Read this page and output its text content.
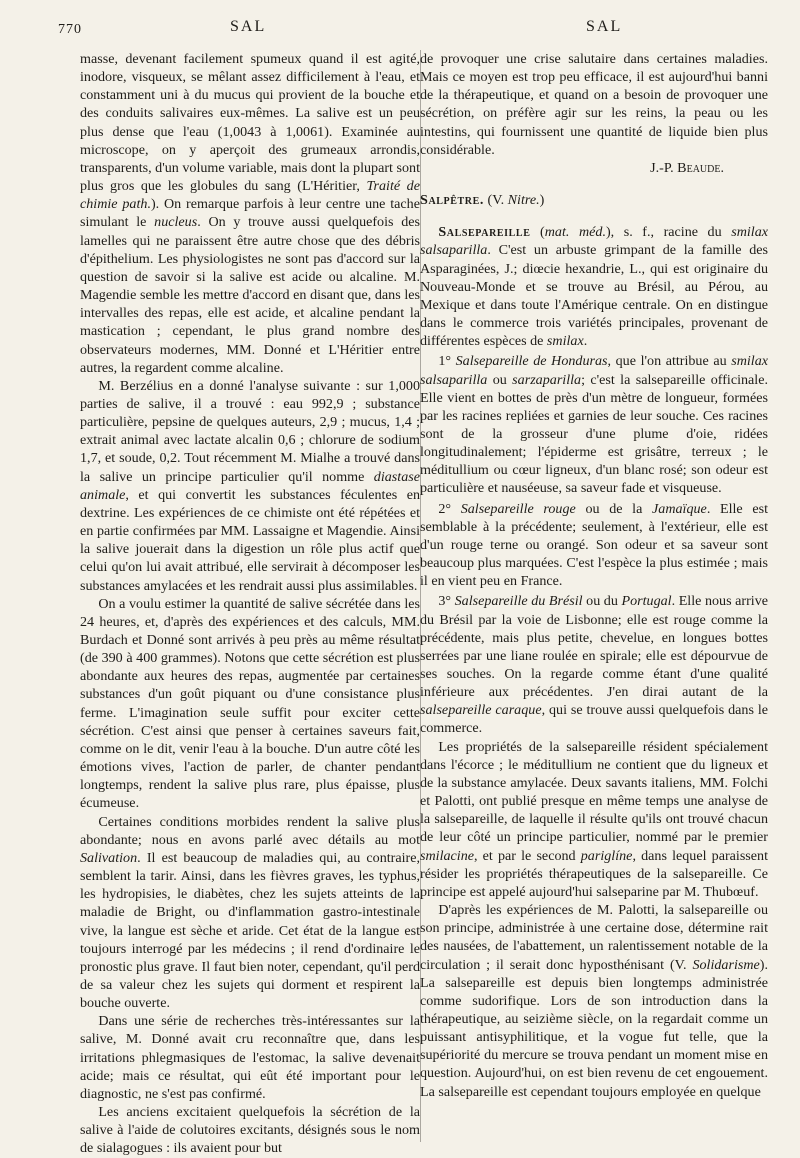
770	SAL	SAL

masse, devenant facilement spumeux quand il est agité, inodore, visqueux, se mêlant assez difficilement à l'eau, et constamment uni à du mucus qui provient de la bouche et des conduits salivaires eux-mêmes. La salive est un peu plus dense que l'eau (1,0043 à 1,0061). Examinée au microscope, on y aperçoit des grumeaux arrondis, transparents, d'un volume variable, mais dont la plupart sont plus gros que les globules du sang (L'Héritier, Traité de chimie path.). On remarque parfois à leur centre une tache simulant le nucleus. On y trouve aussi quelquefois des lamelles qui ne paraissent être autre chose que des débris d'épithelium. Les physiologistes ne sont pas d'accord sur la question de savoir si la salive est acide ou alcaline. M. Magendie semble les mettre d'accord en disant que, dans les intervalles des repas, elle est acide, et alcaline pendant la mastication ; cependant, le plus grand nombre des observateurs modernes, MM. Donné et L'Héritier entre autres, la regardent comme alcaline.

M. Berzélius en a donné l'analyse suivante : sur 1,000 parties de salive, il a trouvé : eau 992,9 ; substance particulière, pepsine de quelques auteurs, 2,9 ; mucus, 1,4 ; extrait animal avec lactate alcalin 0,6 ; chlorure de sodium 1,7, et soude, 0,2. Tout récemment M. Mialhe a trouvé dans la salive un principe particulier qu'il nomme diastase animale, et qui convertit les substances féculentes en dextrine. Les expériences de ce chimiste ont été répétées et en partie confirmées par MM. Lassaigne et Magendie. Ainsi la salive jouerait dans la digestion un rôle plus actif que celui qu'on lui avait attribué, elle servirait à décomposer les substances amylacées et les rendrait aussi plus assimilables.

On a voulu estimer la quantité de salive sécrétée dans les 24 heures, et, d'après des expériences et des calculs, MM. Burdach et Donné sont arrivés à peu près au même résultat (de 390 à 400 grammes). Notons que cette sécrétion est plus abondante aux heures des repas, augmentée par certaines substances d'un goût piquant ou d'une consistance plus ferme. L'imagination seule suffit pour exciter cette sécrétion. C'est ainsi que penser à certaines saveurs fait, comme on le dit, venir l'eau à la bouche. D'un autre côté les émotions vives, l'action de parler, de chanter pendant longtemps, rendent la salive plus rare, plus épaisse, plus écumeuse.

Certaines conditions morbides rendent la salive plus abondante; nous en avons parlé avec détails au mot Salivation. Il est beaucoup de maladies qui, au contraire, semblent la tarir. Ainsi, dans les fièvres graves, les typhus, les hydropisies, le diabètes, chez les sujets atteints de la maladie de Bright, ou d'inflammation gastro-intestinale vive, la langue est sèche et aride. Cet état de la langue est toujours interrogé par les médecins ; il rend d'ordinaire le pronostic plus grave. Il faut bien noter, cependant, qu'il perd de sa valeur chez les sujets qui dorment et respirent la bouche ouverte.

Dans une série de recherches très-intéressantes sur la salive, M. Donné avait cru reconnaître que, dans les irritations phlegmasiques de l'estomac, la salive devenait acide; mais ce résultat, qui eût été important pour le diagnostic, ne s'est pas confirmé.

Les anciens excitaient quelquefois la sécrétion de la salive à l'aide de colutoires excitants, désignés sous le nom de sialagogues : ils avaient pour but

de provoquer une crise salutaire dans certaines maladies. Mais ce moyen est trop peu efficace, il est aujourd'hui banni de la thérapeutique, et quand on a besoin de provoquer une sécrétion, on préfère agir sur les reins, la peau ou les intestins, qui fournissent une quantité de liquide bien plus considérable.

J.-P. Beaude.

Salpêtre. (V. Nitre.)

Salsepareille (mat. méd.), s. f., racine du smilax salsaparilla. C'est un arbuste grimpant de la famille des Asparaginées, J.; diœcie hexandrie, L., qui est originaire du Nouveau-Monde et se trouve au Brésil, au Pérou, au Mexique et dans toute l'Amérique centrale. On en distingue dans le commerce trois variétés principales, provenant de différentes espèces de smilax.

1° Salsepareille de Honduras, que l'on attribue au smilax salsaparilla ou sarzaparilla; c'est la salsepareille officinale. Elle vient en bottes de près d'un mètre de longueur, formées par les racines repliées et garnies de leur souche. Ces racines sont de la grosseur d'une plume d'oie, ridées longitudinalement; l'épiderme est grisâtre, terreux ; le méditullium ou cœur ligneux, d'un blanc rosé; son odeur est particulière et nauséeuse, sa saveur fade et visqueuse.

2° Salsepareille rouge ou de la Jamaïque. Elle est semblable à la précédente; seulement, à l'extérieur, elle est d'un rouge terne ou orangé. Son odeur et sa saveur sont beaucoup plus marquées. C'est l'espèce la plus estimée ; mais il en vient peu en France.

3° Salsepareille du Brésil ou du Portugal. Elle nous arrive du Brésil par la voie de Lisbonne; elle est rouge comme la précédente, mais plus petite, chevelue, en longues bottes serrées par une liane roulée en spirale; elle est dépourvue de ses souches. On la regarde comme étant d'une qualité inférieure aux précédentes. J'en dirai autant de la salsepareille caraque, qui se trouve aussi quelquefois dans le commerce.

Les propriétés de la salsepareille résident spécialement dans l'écorce ; le méditullium ne contient que du ligneux et de la substance amylacée. Deux savants italiens, MM. Folchi et Palotti, ont publié presque en même temps une analyse de la salsepareille, de laquelle il résulte qu'ils ont trouvé chacun de leur côté un principe particulier, nommé par le premier smilacine, et par le second pariglíne, dans lequel paraissent résider les propriétés thérapeutiques de la salsepareille. Ce principe est appelé aujourd'hui salseparine par M. Thubœuf.

D'après les expériences de M. Palotti, la salsepareille ou son principe, administrée à une certaine dose, détermine rait des nausées, de l'abattement, un ralentissement notable de la circulation ; il serait donc hyposthénisant (V. Solidarisme). La salsepareille est depuis bien longtemps administrée comme sudorifique. Lors de son introduction dans la thérapeutique, au seizième siècle, on la regardait comme un puissant antisyphilitique, et la vogue fut telle, que la supériorité du mercure se trouva pendant un moment mise en question. Aujourd'hui, on est bien revenu de cet engouement. La salsepareille est cependant toujours employée en quelque
